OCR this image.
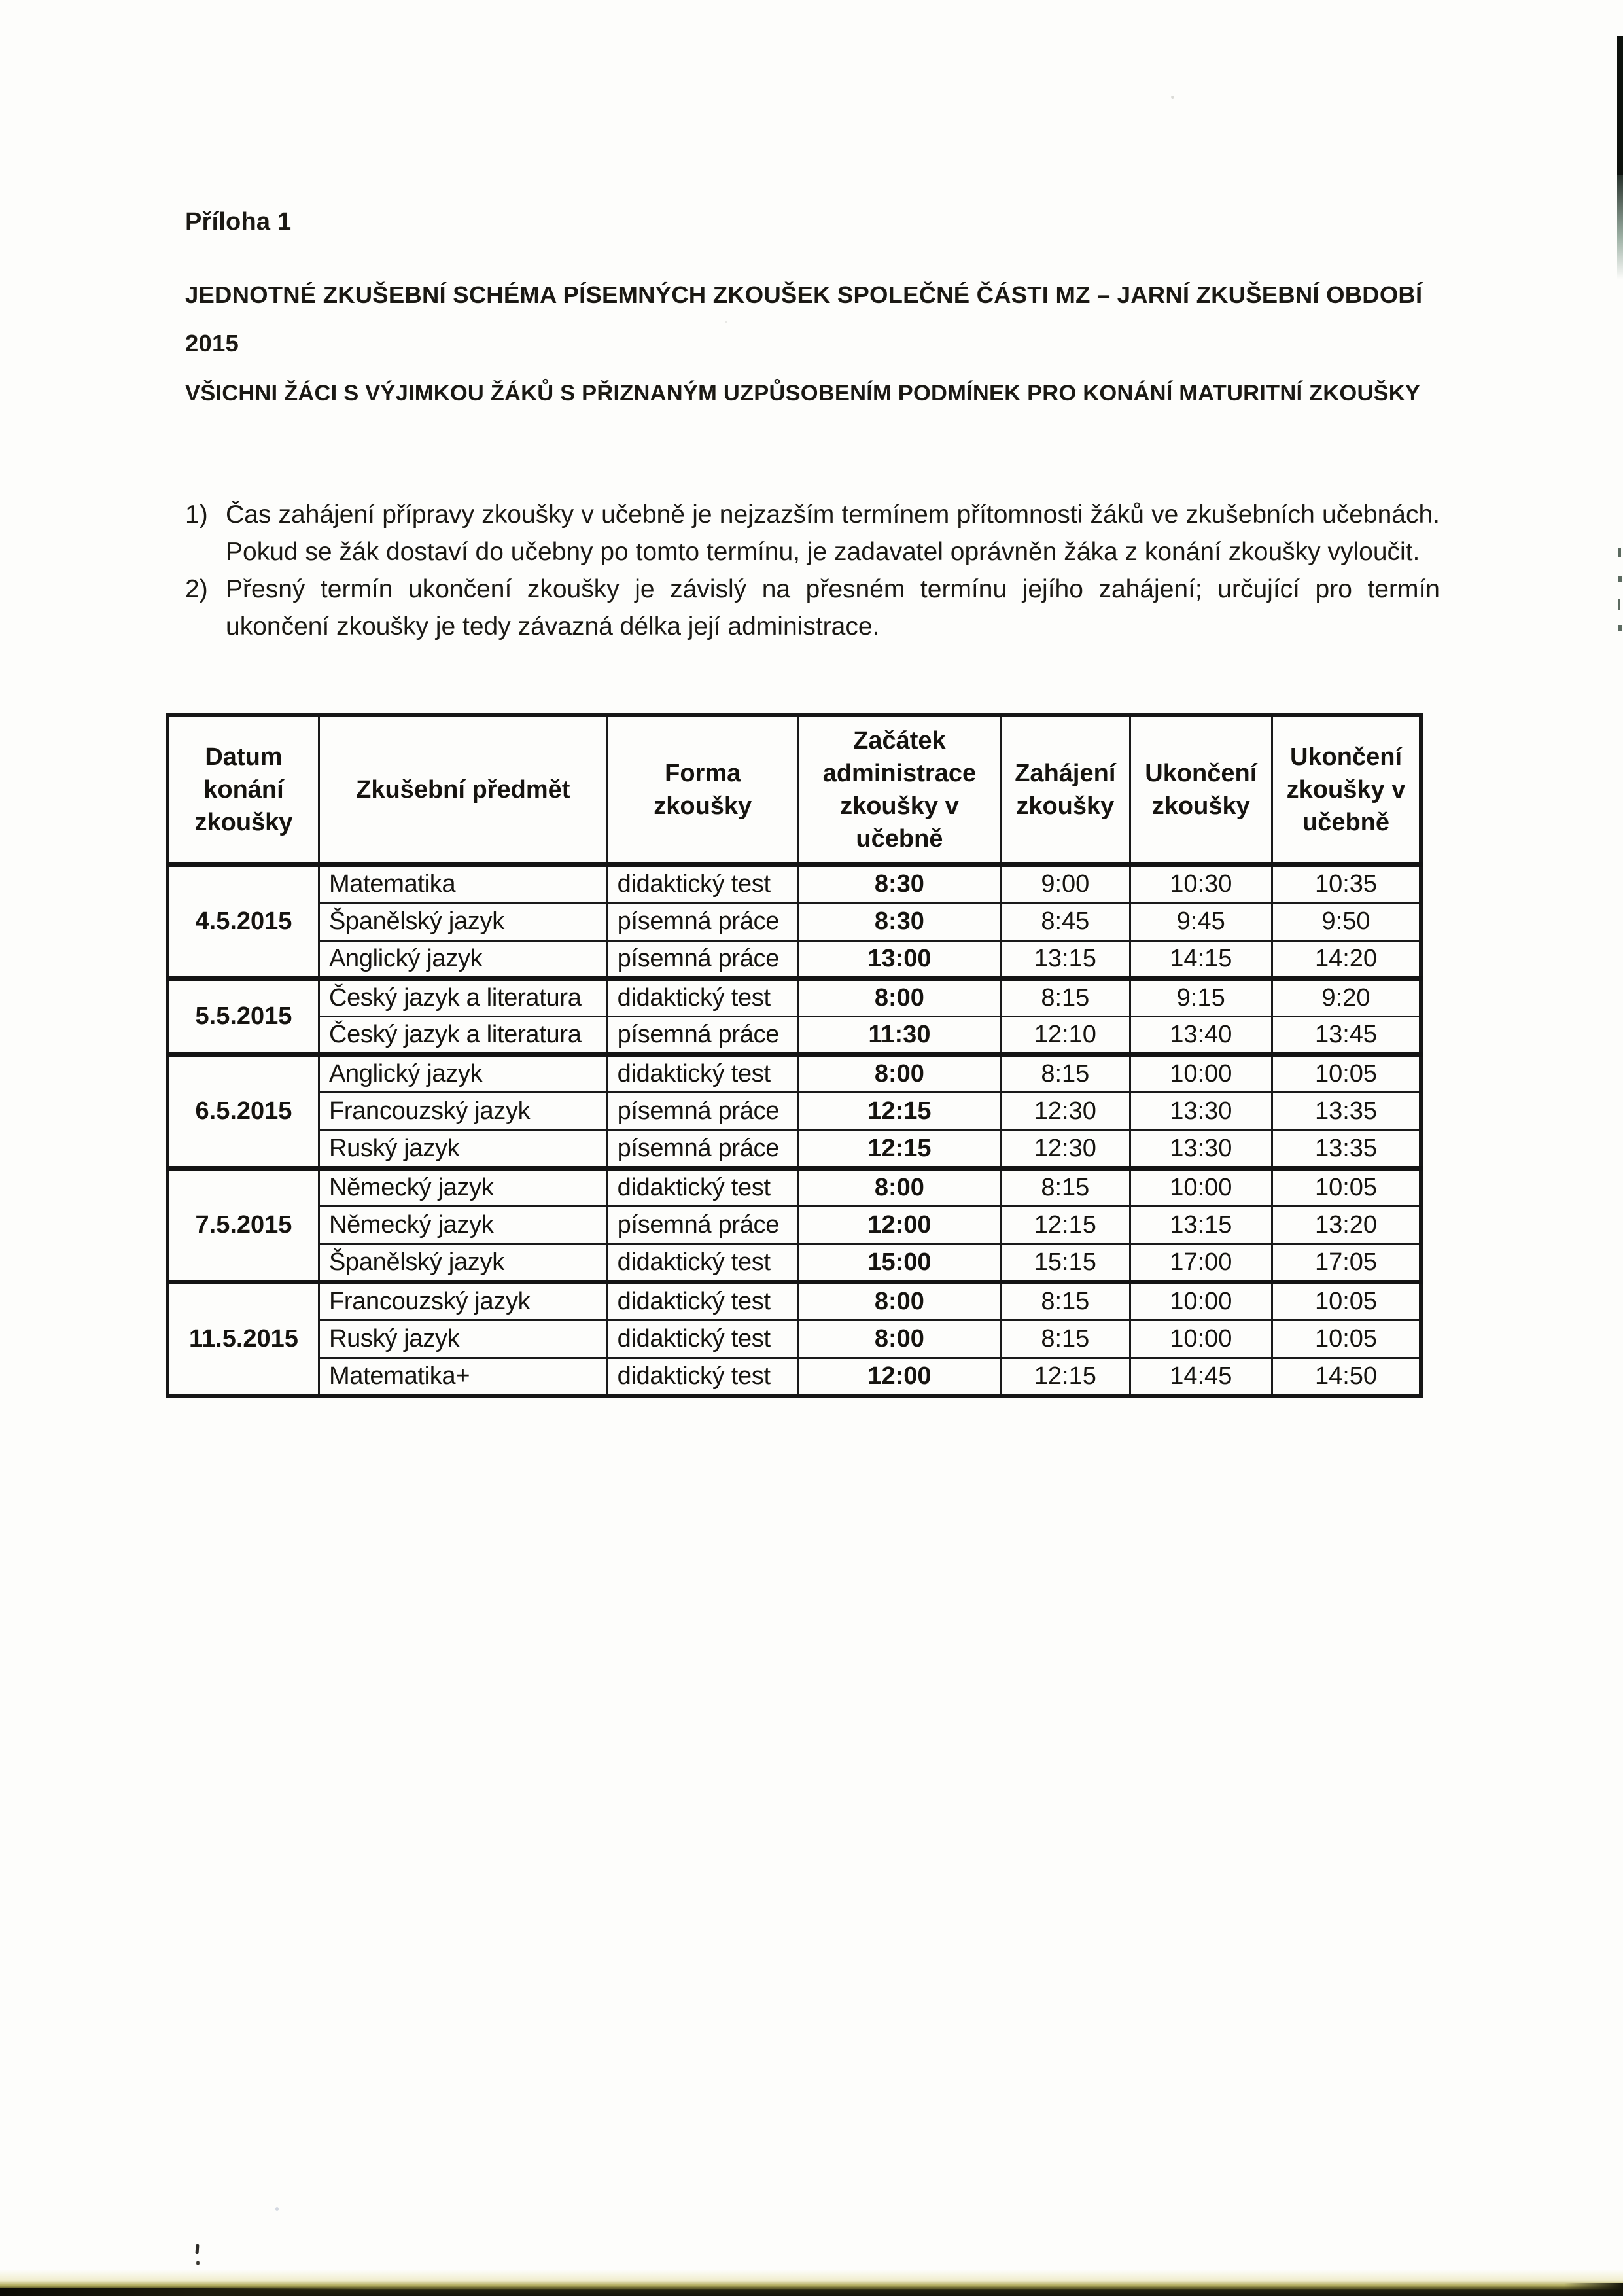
Příloha 1
JEDNOTNÉ ZKUŠEBNÍ SCHÉMA PÍSEMNÝCH ZKOUŠEK SPOLEČNÉ ČÁSTI MZ – JARNÍ ZKUŠEBNÍ OBDOBÍ
2015
VŠICHNI ŽÁCI S VÝJIMKOU ŽÁKŮ S PŘIZNANÝM UZPŮSOBENÍM PODMÍNEK PRO KONÁNÍ MATURITNÍ ZKOUŠKY
1) Čas zahájení přípravy zkoušky v učebně je nejzazším termínem přítomnosti žáků ve zkušebních učebnách. Pokud se žák dostaví do učebny po tomto termínu, je zadavatel oprávněn žáka z konání zkoušky vyloučit.
2) Přesný termín ukončení zkoušky je závislý na přesném termínu jejího zahájení; určující pro termín ukončení zkoušky je tedy závazná délka její administrace.
Datum konání zkoušky	Zkušební předmět	Forma zkoušky	Začátek administrace zkoušky v učebně	Zahájení zkoušky	Ukončení zkoušky	Ukončení zkoušky v učebně
4.5.2015	Matematika	didaktický test	8:30	9:00	10:30	10:35
	Španělský jazyk	písemná práce	8:30	8:45	9:45	9:50
	Anglický jazyk	písemná práce	13:00	13:15	14:15	14:20
5.5.2015	Český jazyk a literatura	didaktický test	8:00	8:15	9:15	9:20
	Český jazyk a literatura	písemná práce	11:30	12:10	13:40	13:45
6.5.2015	Anglický jazyk	didaktický test	8:00	8:15	10:00	10:05
	Francouzský jazyk	písemná práce	12:15	12:30	13:30	13:35
	Ruský jazyk	písemná práce	12:15	12:30	13:30	13:35
7.5.2015	Německý jazyk	didaktický test	8:00	8:15	10:00	10:05
	Německý jazyk	písemná práce	12:00	12:15	13:15	13:20
	Španělský jazyk	didaktický test	15:00	15:15	17:00	17:05
11.5.2015	Francouzský jazyk	didaktický test	8:00	8:15	10:00	10:05
	Ruský jazyk	didaktický test	8:00	8:15	10:00	10:05
	Matematika+	didaktický test	12:00	12:15	14:45	14:50
